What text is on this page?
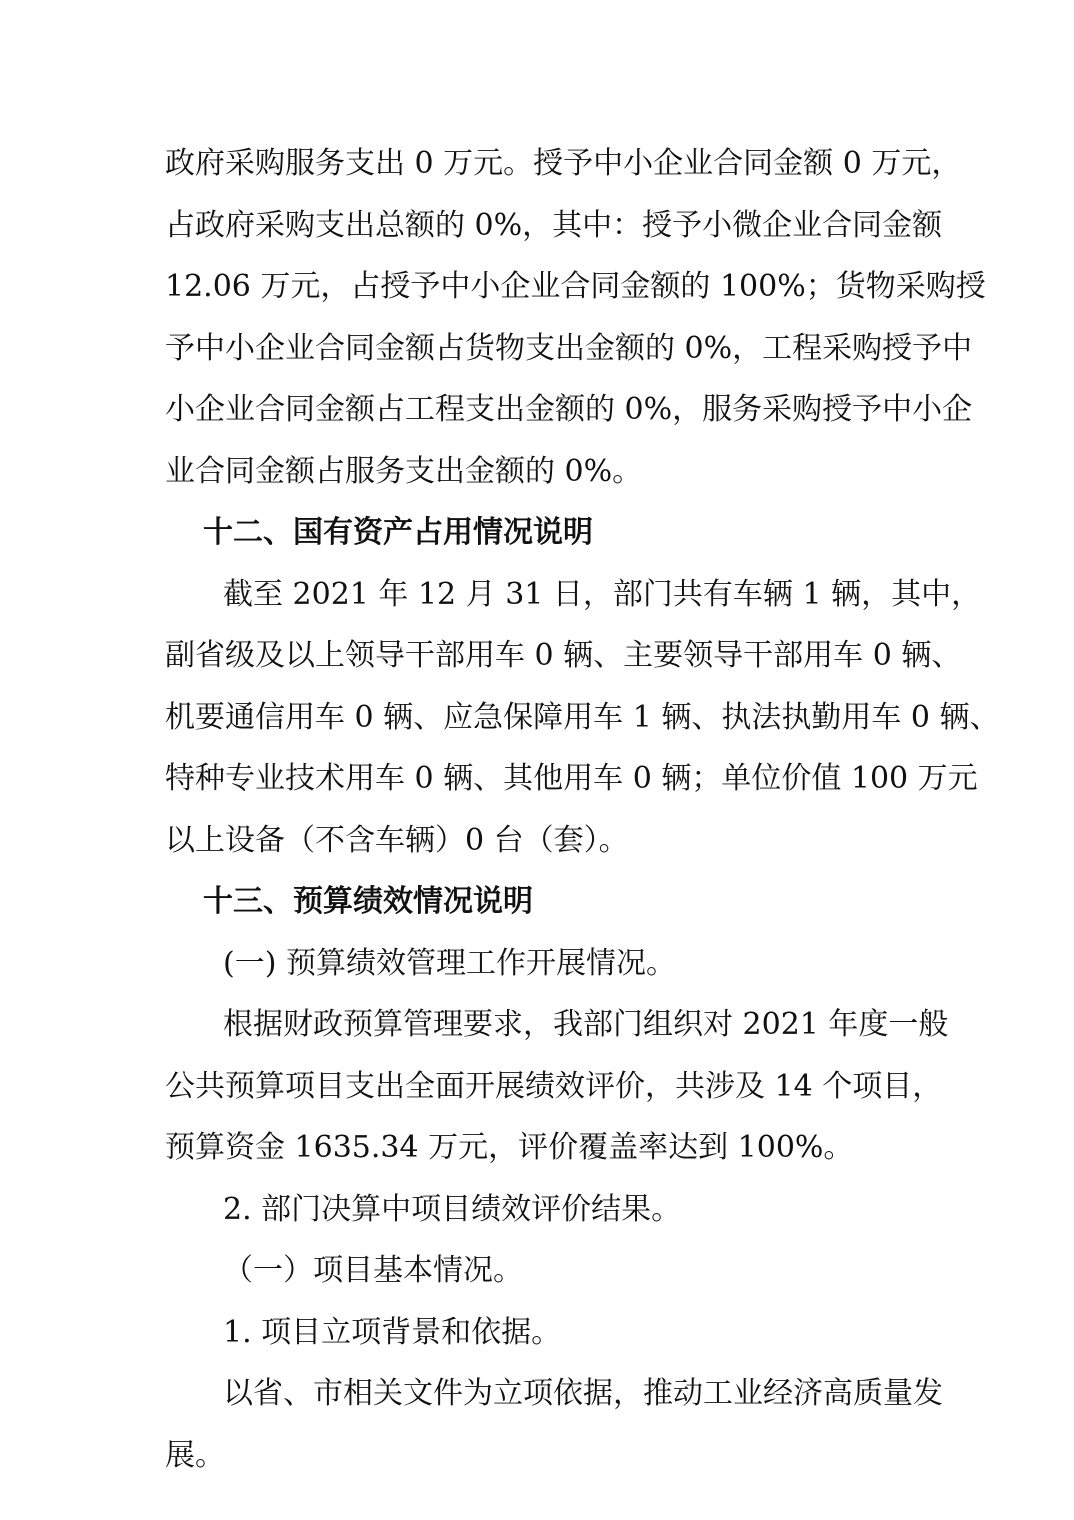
政府采购服务支出 0 万元。授予中小企业合同金额 0 万元，

占政府采购支出总额的 0%，其中：授予小微企业合同金额

12.06 万元，占授予中小企业合同金额的 100%；货物采购授

予中小企业合同金额占货物支出金额的 0%，工程采购授予中

小企业合同金额占工程支出金额的 0%，服务采购授予中小企

业合同金额占服务支出金额的 0%。

十二、国有资产占用情况说明

截至 2021 年 12 月 31 日，部门共有车辆 1 辆，其中，

副省级及以上领导干部用车 0 辆、主要领导干部用车 0 辆、

机要通信用车 0 辆、应急保障用车 1 辆、执法执勤用车 0 辆、

特种专业技术用车 0 辆、其他用车 0 辆；单位价值 100 万元

以上设备（不含车辆）0 台（套）。

十三、预算绩效情况说明

(一) 预算绩效管理工作开展情况。

根据财政预算管理要求，我部门组织对 2021 年度一般

公共预算项目支出全面开展绩效评价，共涉及 14 个项目，

预算资金 1635.34 万元，评价覆盖率达到 100%。

2. 部门决算中项目绩效评价结果。

（一）项目基本情况。

1. 项目立项背景和依据。

以省、市相关文件为立项依据，推动工业经济高质量发

展。
